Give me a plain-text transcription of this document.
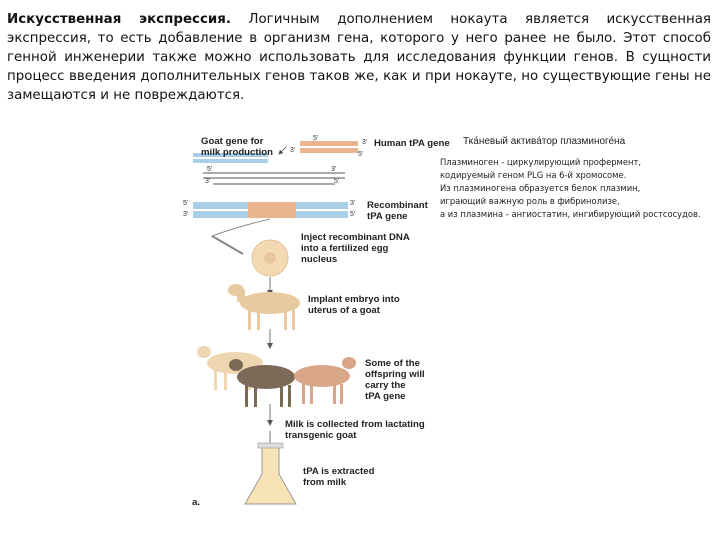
Искусственная экспрессия. Логичным дополнением нокаута является искусственная экспрессия, то есть добавление в организм гена, которого у него ранее не было. Этот способ генной инженерии также можно использовать для исследования функции генов. В сущности процесс введения дополнительных генов таков же, как и при нокауте, но существующие гены не замещаются и не повреждаются.

5'
3'
3'
5'
5'	3'
3'	5'
5'	3'
3'	5'
Goat gene for
milk production
Human tPA gene
Recombinant
tPA gene
Inject recombinant DNA
into a fertilized egg
nucleus
Implant embryo into
uterus of a goat
Some of the
offspring will
carry the
tPA gene
Milk is collected from lactating
transgenic goat
tPA is extracted
from milk
a.
Тка́невый активáтор плазминоге́на
Плазминоген - циркулирующий профермент,
кодируемый геном PLG на 6-й хромосоме.
Из плазминогена образуется белок плазмин,
играющий важную роль в фибринолизе,
а из плазмина - ангиостатин, ингибирующий ростсосудов.
